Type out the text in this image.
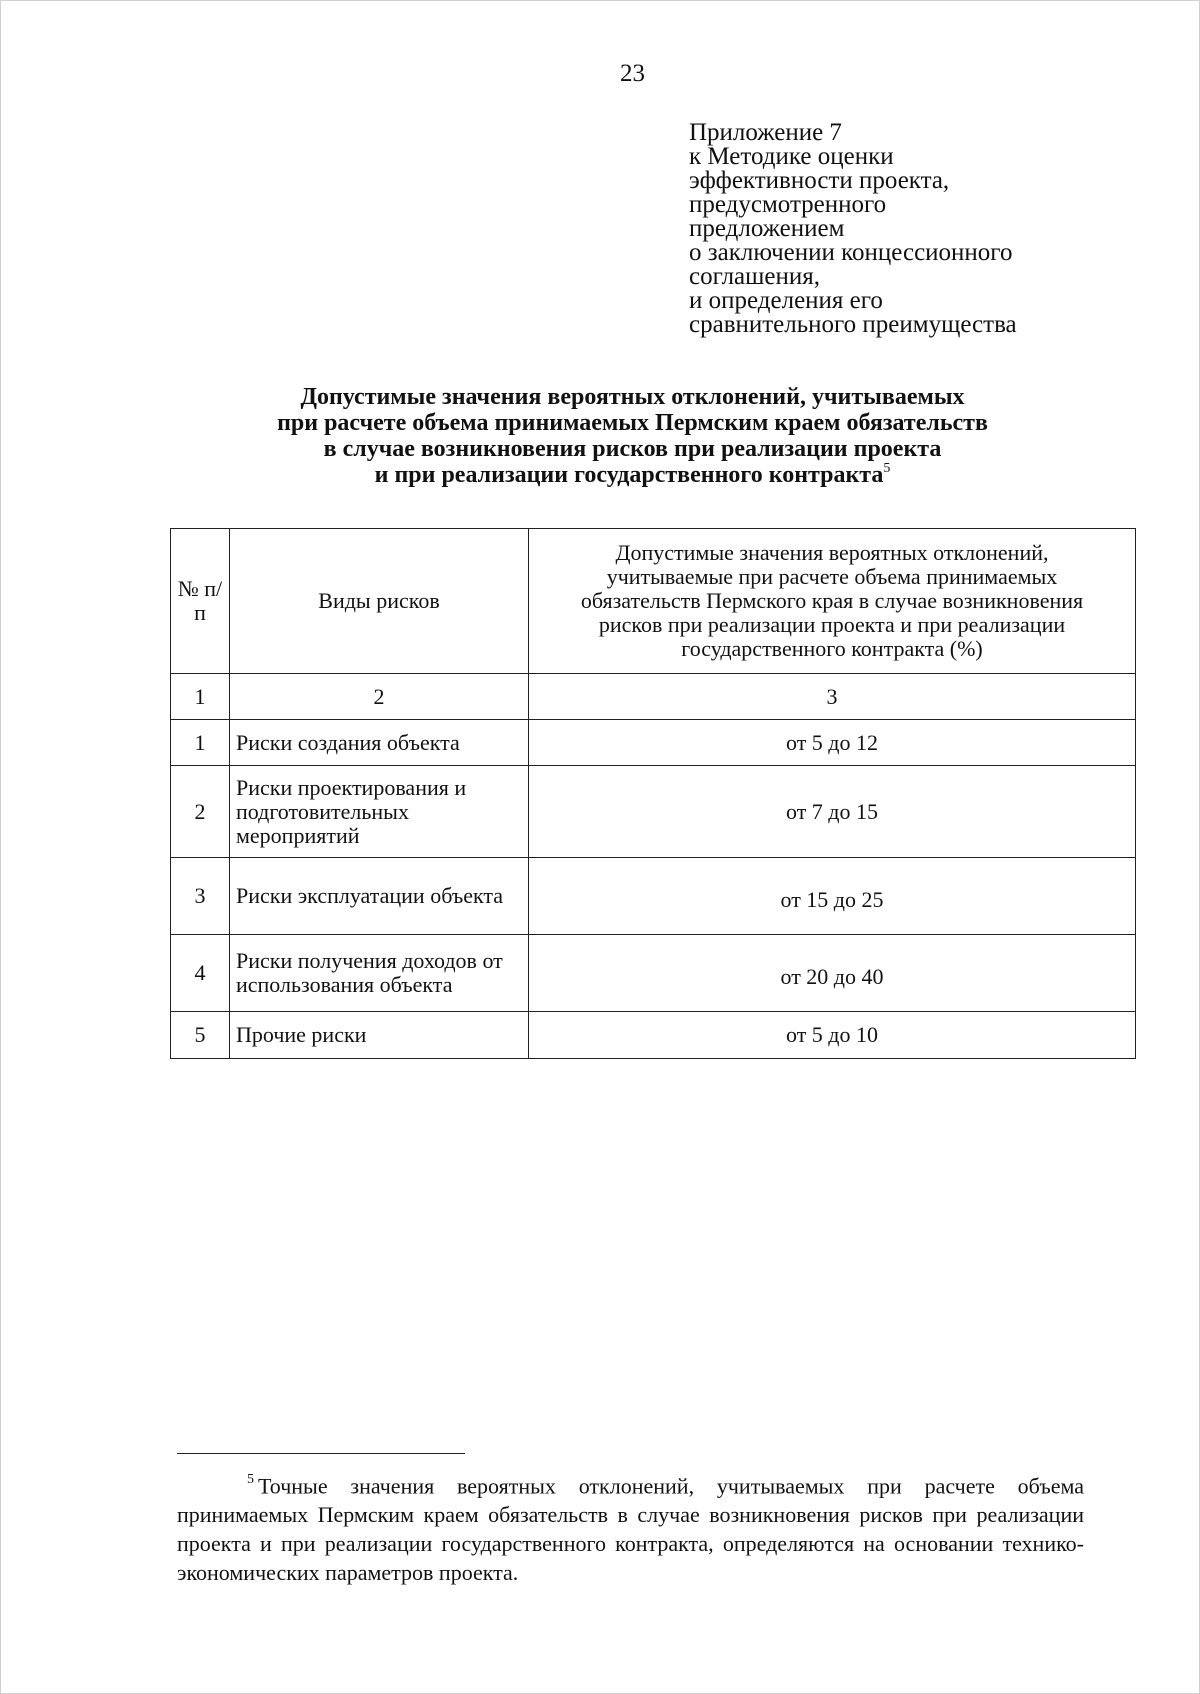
23
Приложение 7
к Методике оценки
эффективности проекта,
предусмотренного
предложением
о заключении концессионного
соглашения,
и определения его
сравнительного преимущества
Допустимые значения вероятных отклонений, учитываемых
при расчете объема принимаемых Пермским краем обязательств
в случае возникновения рисков при реализации проекта
и при реализации государственного контракта$^5$
№ п/п	Виды рисков	Допустимые значения вероятных отклонений, учитываемые при расчете объема принимаемых обязательств Пермского края в случае возникновения рисков при реализации проекта и при реализации государственного контракта (%)
1	2	3
1	Риски создания объекта	от 5 до 12
2	Риски проектирования и подготовительных мероприятий	от 7 до 15
3	Риски эксплуатации объекта	от 15 до 25
4	Риски получения доходов от использования объекта	от 20 до 40
5	Прочие риски	от 5 до 10
$^5$ Точные значения вероятных отклонений, учитываемых при расчете объема принимаемых Пермским краем обязательств в случае возникновения рисков при реализации проекта и при реализации государственного контракта, определяются на основании технико-экономических параметров проекта.
